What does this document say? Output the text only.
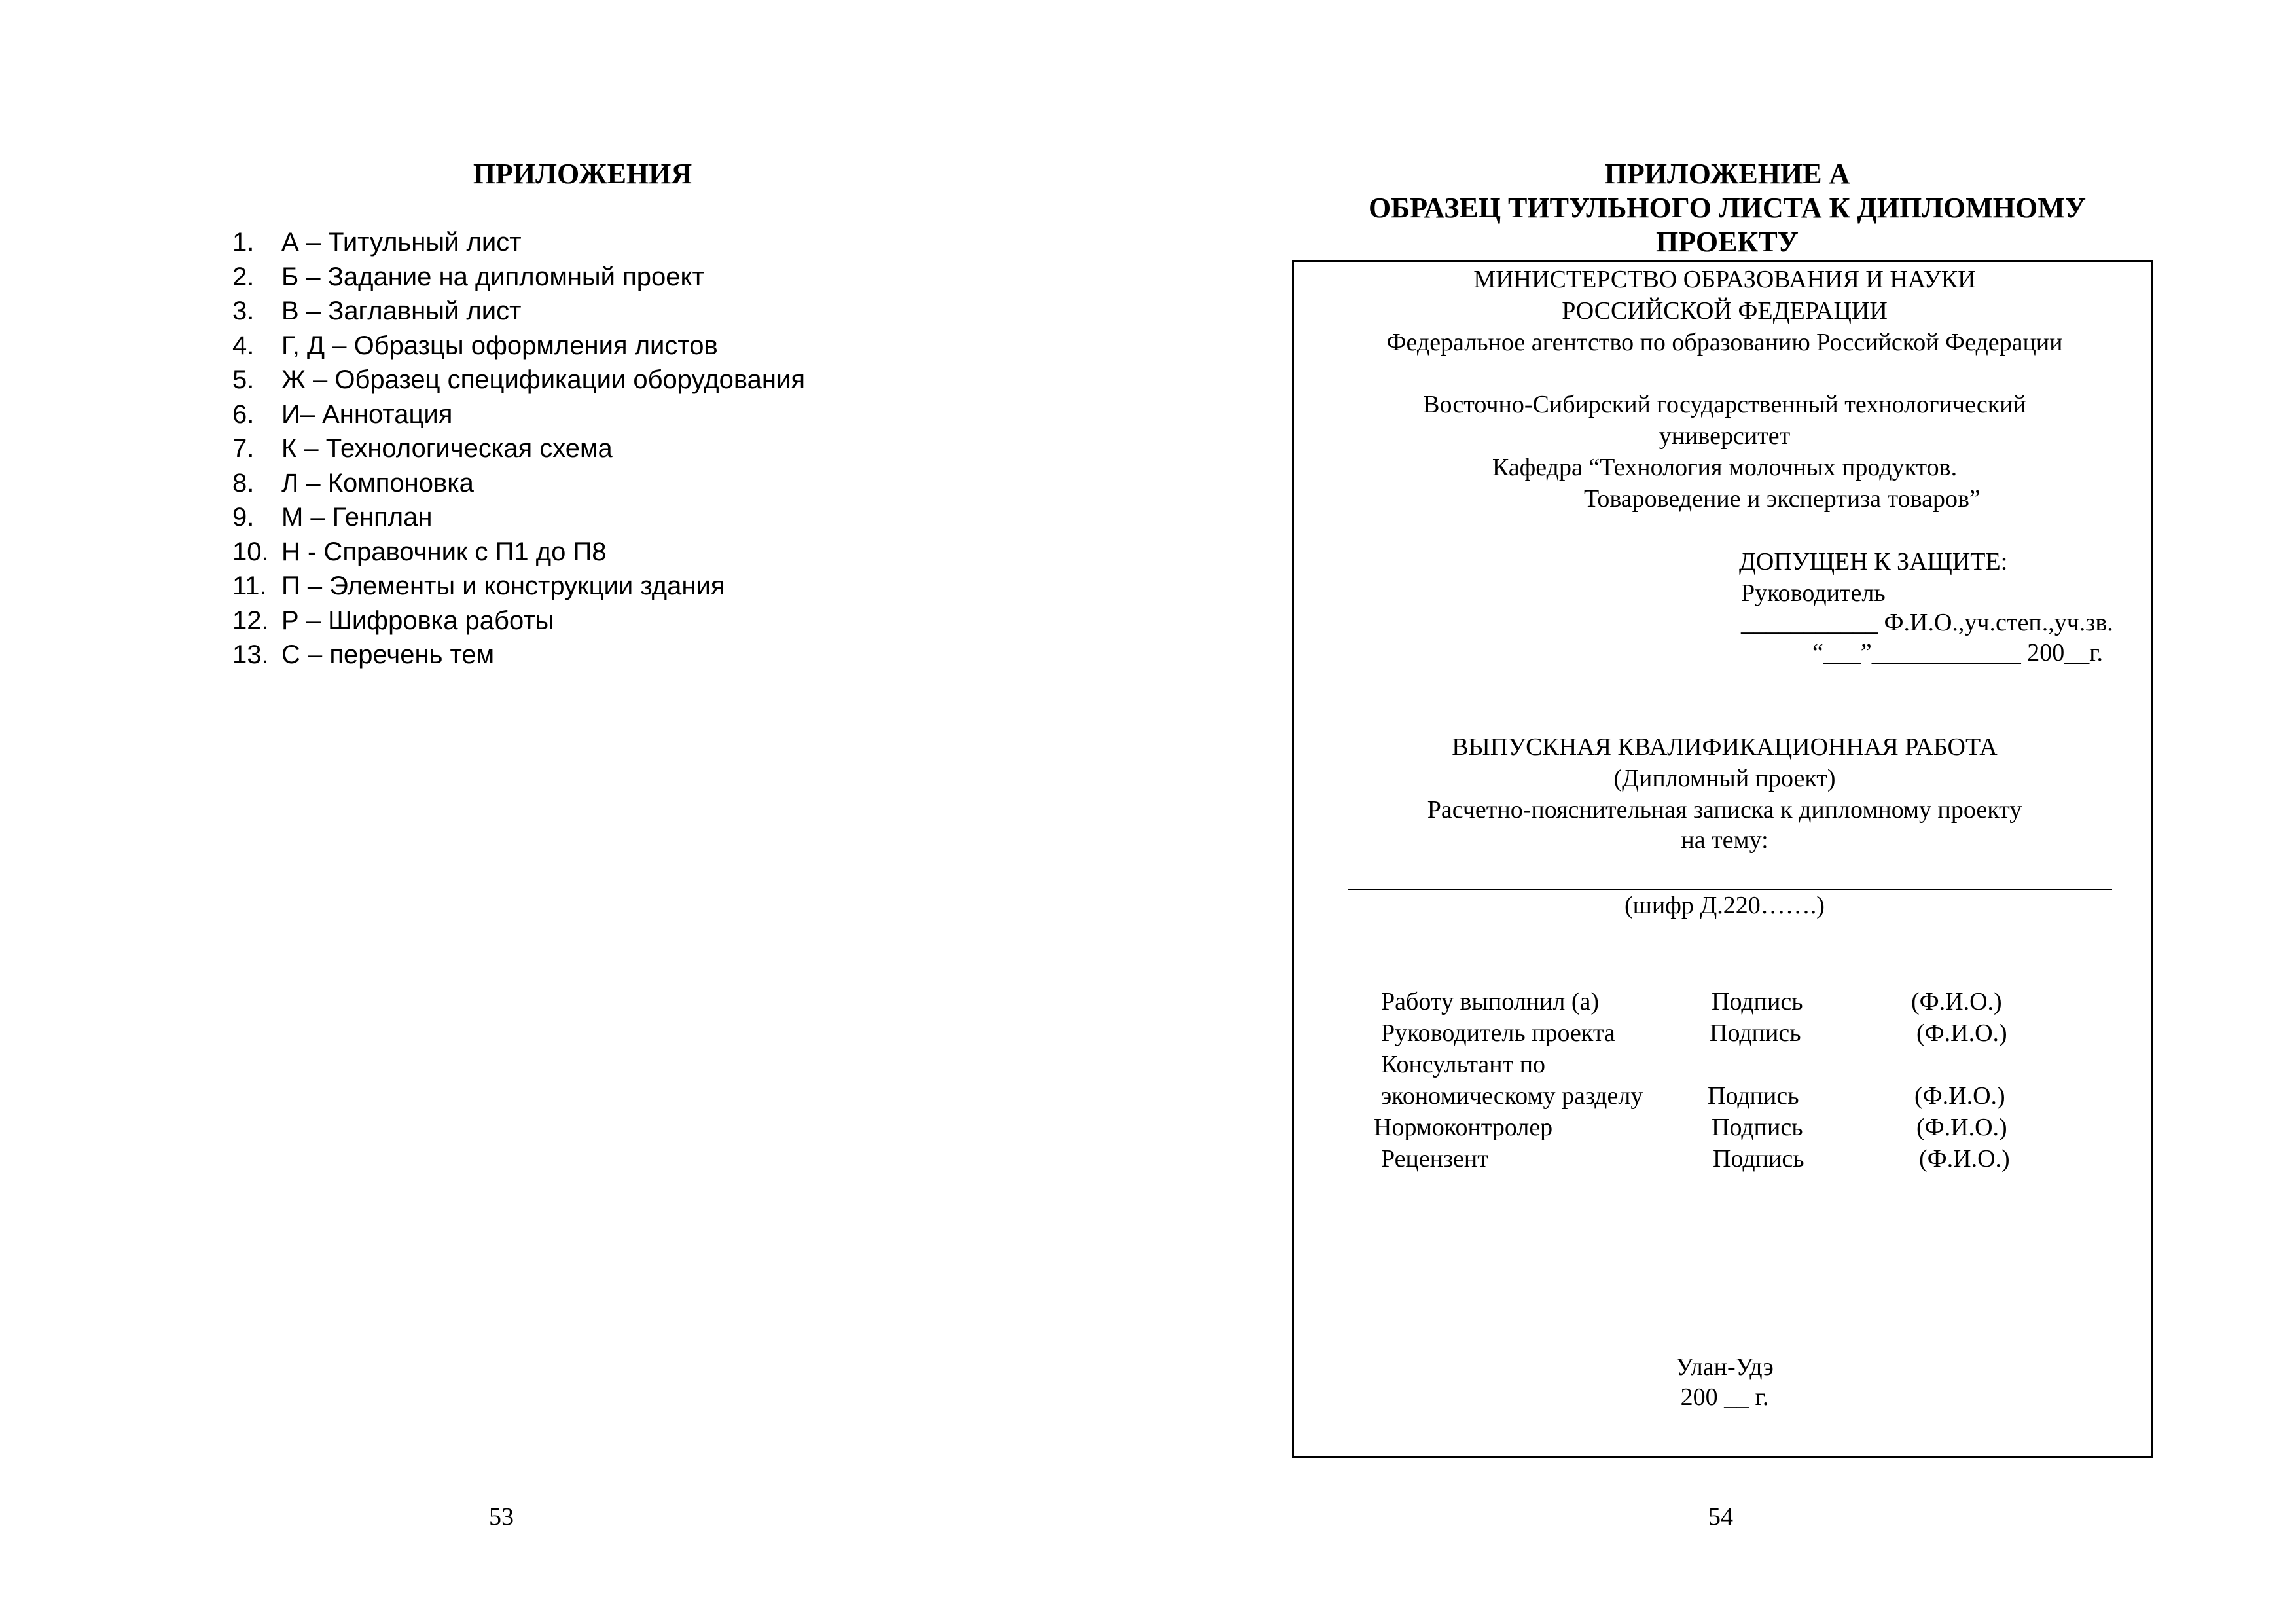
ПРИЛОЖЕНИЯ
1. А – Титульный лист
2. Б – Задание на дипломный проект
3. В – Заглавный лист
4. Г, Д – Образцы оформления листов
5. Ж – Образец спецификации оборудования
6. И– Аннотация
7. К – Технологическая схема
8. Л – Компоновка
9. М – Генплан
10. Н - Справочник с П1 до П8
11. П – Элементы и конструкции здания
12. Р – Шифровка работы
13. С – перечень тем
53
ПРИЛОЖЕНИЕ А
ОБРАЗЕЦ ТИТУЛЬНОГО ЛИСТА К ДИПЛОМНОМУ
ПРОЕКТУ
МИНИСТЕРСТВО ОБРАЗОВАНИЯ И НАУКИ
РОССИЙСКОЙ ФЕДЕРАЦИИ
Федеральное агентство по образованию Российской Федерации
Восточно-Сибирский государственный технологический
университет
Кафедра “Технология молочных продуктов.
Товароведение и экспертиза товаров”
ДОПУЩЕН К ЗАЩИТЕ:
Руководитель
___________ Ф.И.О.,уч.степ.,уч.зв.
“___”____________ 200__г.
ВЫПУСКНАЯ КВАЛИФИКАЦИОННАЯ РАБОТА
(Дипломный проект)
Расчетно-пояснительная записка к дипломному проекту
на тему:
(шифр Д.220…….)
Работу выполнил (а)	Подпись	(Ф.И.О.)
Руководитель проекта	Подпись	(Ф.И.О.)
Консультант по
экономическому разделу	Подпись	(Ф.И.О.)
Нормоконтролер	Подпись	(Ф.И.О.)
Рецензент	Подпись	(Ф.И.О.)
Улан-Удэ
200 __ г.
54
